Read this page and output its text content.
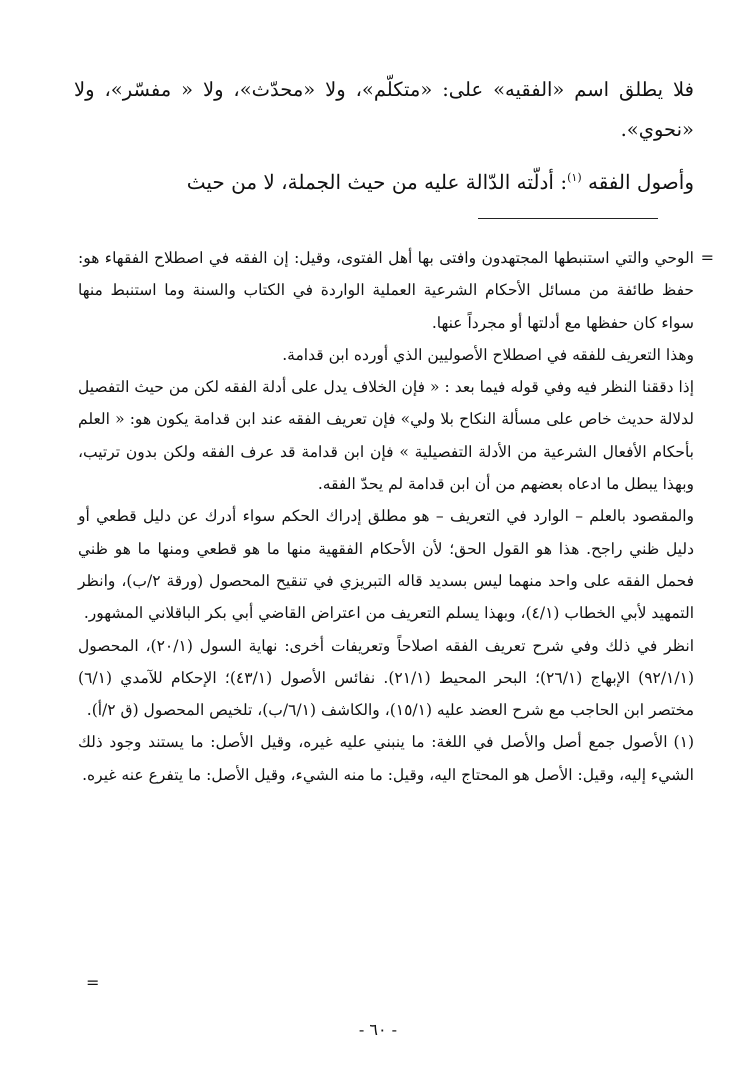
فلا يطلق اسم «الفقيه» على: «متكلّم»، ولا «محدّث»، ولا « مفسّر»، ولا «نحوي».

وأصول الفقه $^{(١)}$: أدلّته الدّالة عليه من حيث الجملة، لا من حيث

=

الوحي والتي استنبطها المجتهدون وافتى بها أهل الفتوى، وقيل: إن الفقه في اصطلاح الفقهاء هو: حفظ طائفة من مسائل الأحكام الشرعية العملية الواردة في الكتاب والسنة وما استنبط منها سواء كان حفظها مع أدلتها أو مجرداً عنها.

وهذا التعريف للفقه في اصطلاح الأصوليين الذي أورده ابن قدامة.

إذا دققنا النظر فيه وفي قوله فيما بعد : « فإن الخلاف يدل على أدلة الفقه لكن من حيث التفصيل لدلالة حديث خاص على مسألة النكاح بلا ولي» فإن تعريف الفقه عند ابن قدامة يكون هو: « العلم بأحكام الأفعال الشرعية من الأدلة التفصيلية » فإن ابن قدامة قد عرف الفقه ولكن بدون ترتيب، وبهذا يبطل ما ادعاه بعضهم من أن ابن قدامة لم يحدّ الفقه.

والمقصود بالعلم – الوارد في التعريف – هو مطلق إدراك الحكم سواء أدرك عن دليل قطعي أو دليل ظني راجح. هذا هو القول الحق؛ لأن الأحكام الفقهية منها ما هو قطعي ومنها ما هو ظني فحمل الفقه على واحد منهما ليس بسديد قاله التبريزي في تنقيح المحصول (ورقة ٢/ب)، وانظر التمهيد لأبي الخطاب (٤/١)، وبهذا يسلم التعريف من اعتراض القاضي أبي بكر الباقلاني المشهور.

انظر في ذلك وفي شرح تعريف الفقه اصلاحاً وتعريفات أخرى: نهاية السول (٢٠/١)، المحصول (٩٢/١/١) الإبهاج (٢٦/١)؛ البحر المحيط (٢١/١). نفائس الأصول (٤٣/١)؛ الإحكام للآمدي (٦/١) مختصر ابن الحاجب مع شرح العضد عليه (١٥/١)، والكاشف (٦/١/ب)، تلخيص المحصول (ق ٢/أ).

(١)الأصول جمع أصل والأصل في اللغة: ما ينبني عليه غيره، وقيل الأصل: ما يستند وجود ذلك الشيء إليه، وقيل: الأصل هو المحتاج اليه، وقيل: ما منه الشيء، وقيل الأصل: ما يتفرع عنه غيره.

=
- ٦٠ -
